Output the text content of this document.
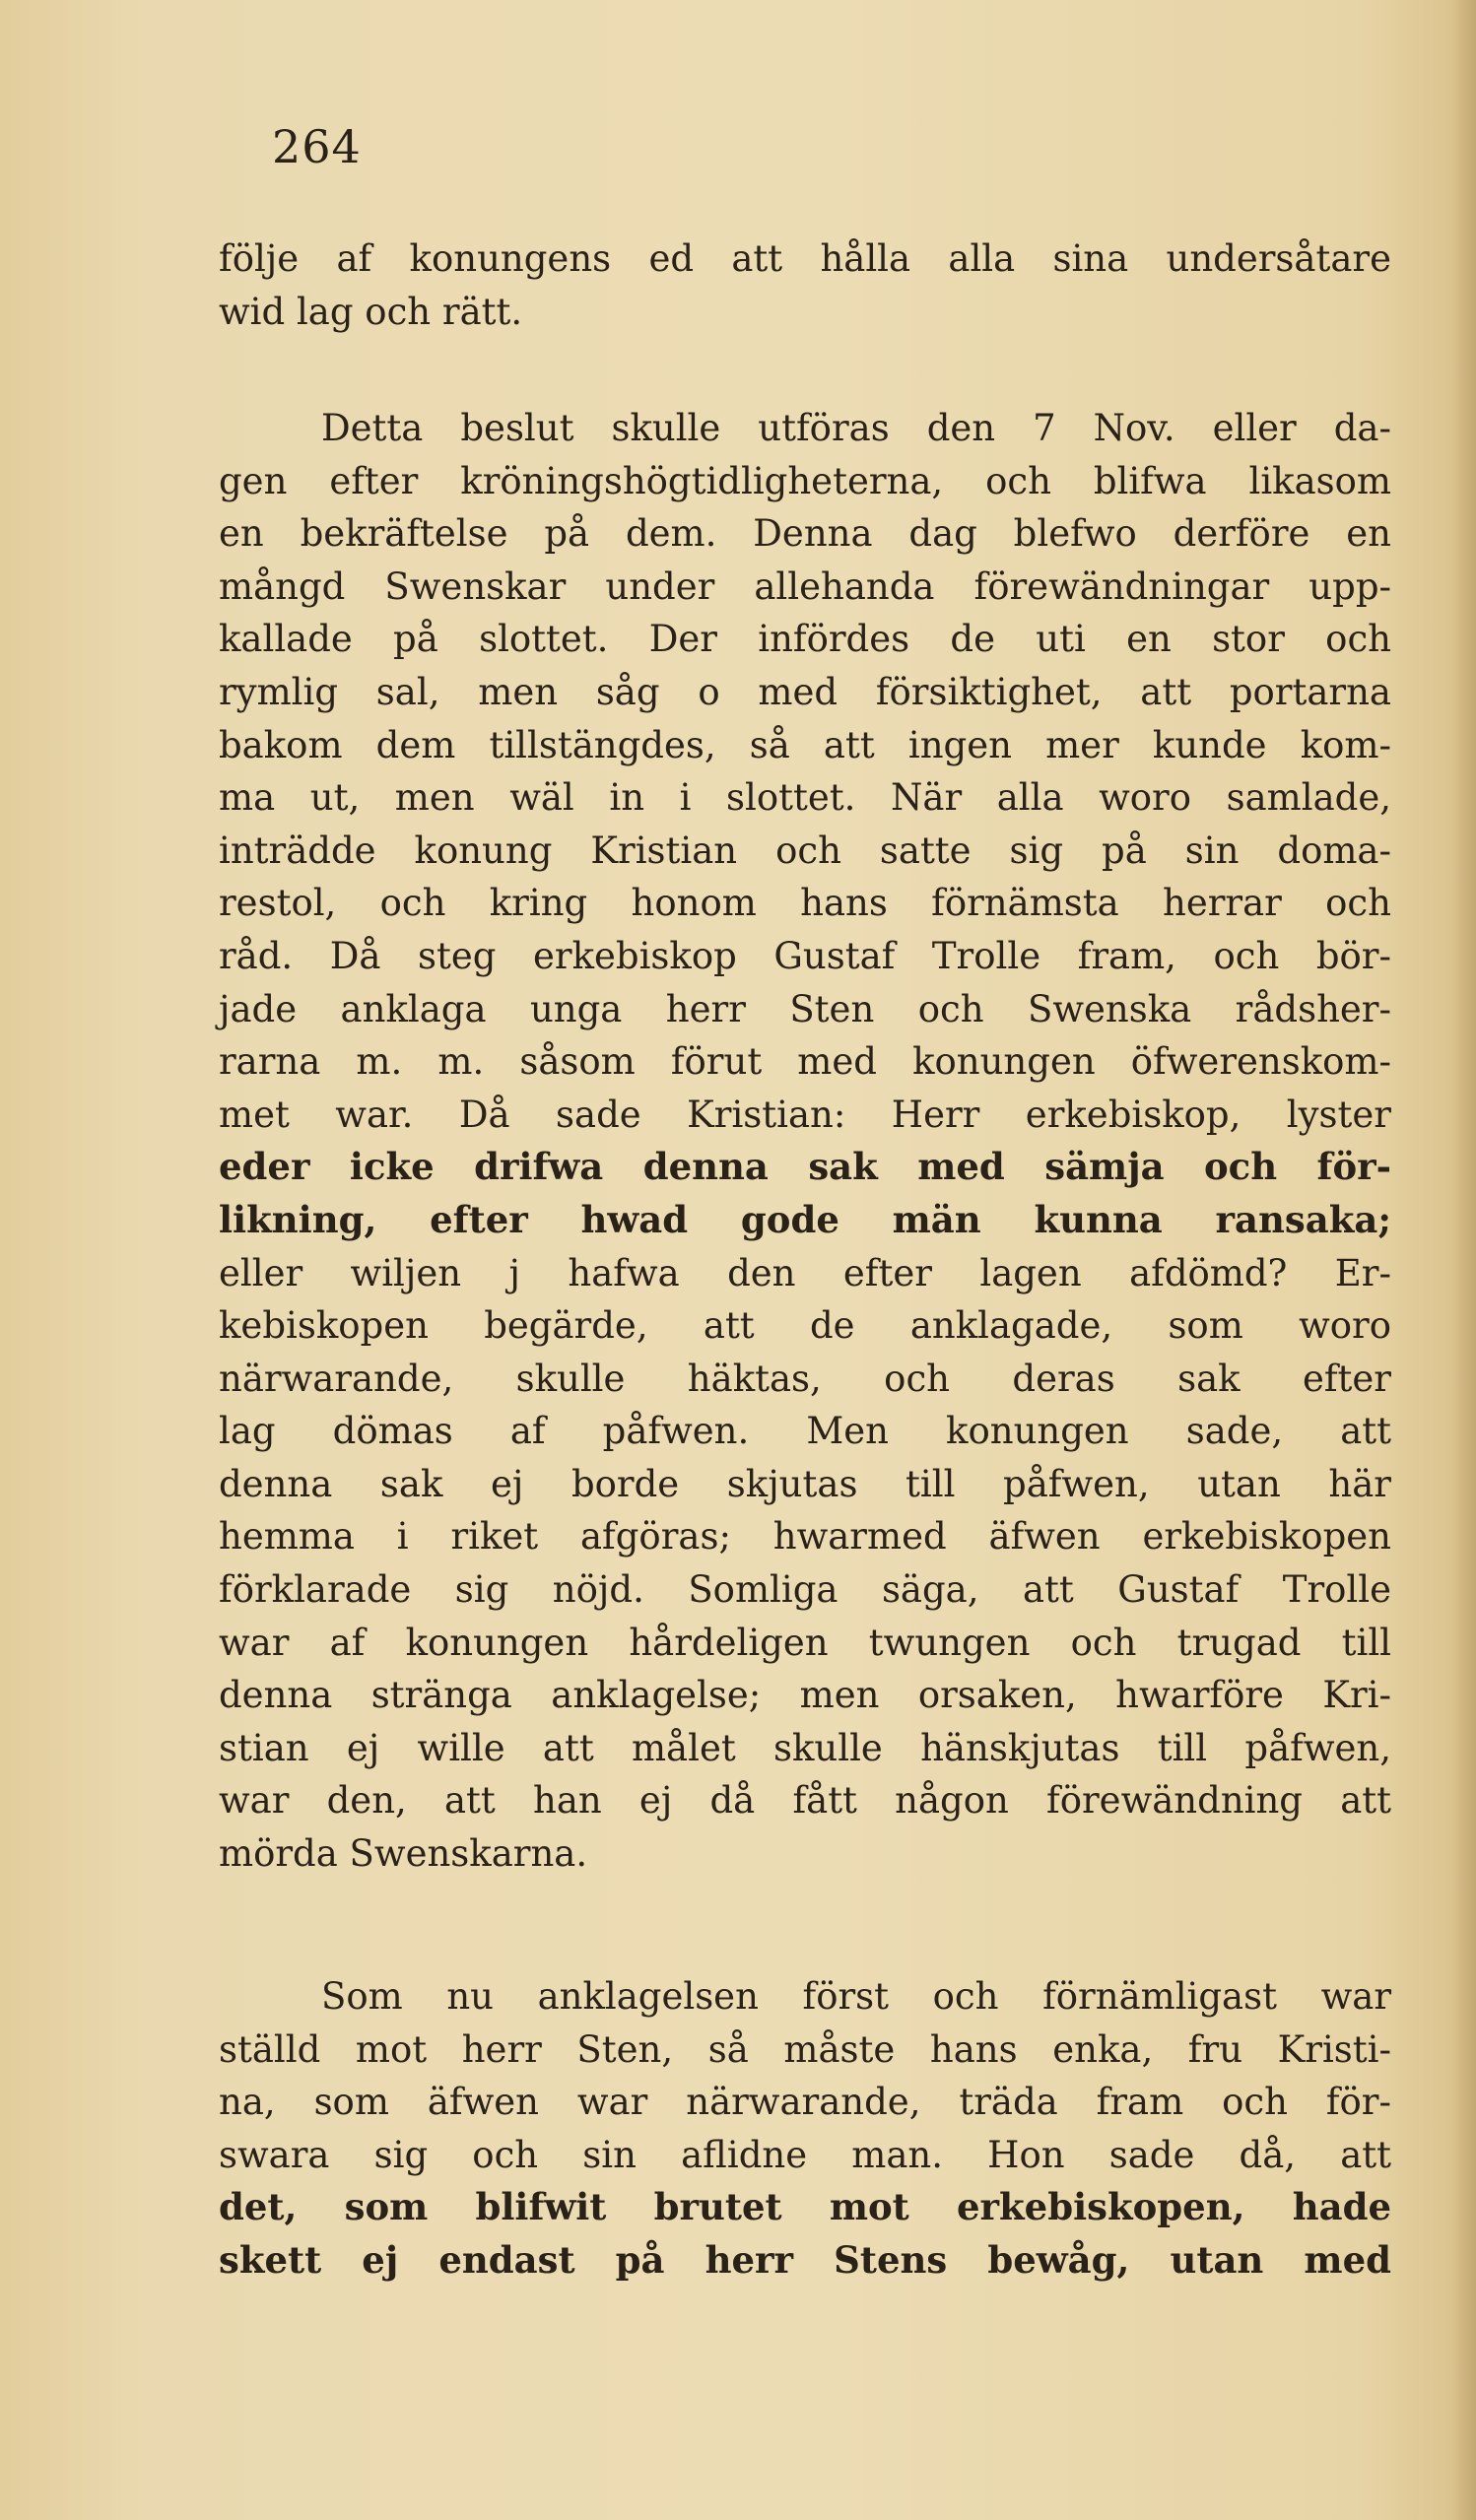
264
följe af konungens ed att hålla alla sina undersåtare
wid lag och rätt.
Detta beslut skulle utföras den 7 Nov. eller da-
gen efter kröningshögtidligheterna, och blifwa likasom
en bekräftelse på dem. Denna dag blefwo derföre en
mångd Swenskar under allehanda förewändningar upp-
kallade på slottet. Der infördes de uti en stor och
rymlig sal, men såg o med försiktighet, att portarna
bakom dem tillstängdes, så att ingen mer kunde kom-
ma ut, men wäl in i slottet. När alla woro samlade,
inträdde konung Kristian och satte sig på sin doma-
restol, och kring honom hans förnämsta herrar och
råd. Då steg erkebiskop Gustaf Trolle fram, och bör-
jade anklaga unga herr Sten och Swenska rådsher-
rarna m. m. såsom förut med konungen öfwerenskom-
met war. Då sade Kristian: Herr erkebiskop, lyster
eder icke drifwa denna sak med sämja och för-
likning, efter hwad gode män kunna ransaka;
eller wiljen j hafwa den efter lagen afdömd? Er-
kebiskopen begärde, att de anklagade, som woro
närwarande, skulle häktas, och deras sak efter
lag dömas af påfwen. Men konungen sade, att
denna sak ej borde skjutas till påfwen, utan här
hemma i riket afgöras; hwarmed äfwen erkebiskopen
förklarade sig nöjd. Somliga säga, att Gustaf Trolle
war af konungen hårdeligen twungen och trugad till
denna stränga anklagelse; men orsaken, hwarföre Kri-
stian ej wille att målet skulle hänskjutas till påfwen,
war den, att han ej då fått någon förewändning att
mörda Swenskarna.
Som nu anklagelsen först och förnämligast war
ställd mot herr Sten, så måste hans enka, fru Kristi-
na, som äfwen war närwarande, träda fram och för-
swara sig och sin aflidne man. Hon sade då, att
det, som blifwit brutet mot erkebiskopen, hade
skett ej endast på herr Stens bewåg, utan med
